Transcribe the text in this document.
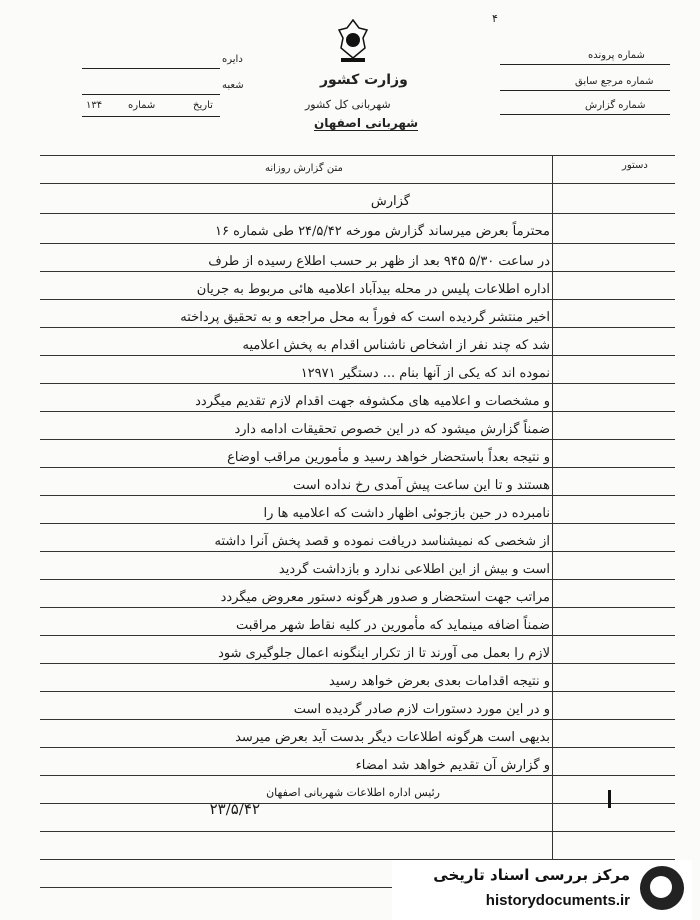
۴
وزارت کشور
شهربانی کل کشور
شهربانی اصفهان
دایره
شعبه
تاریخ
شماره
۱۳۴
شماره پرونده
شماره مرجع سابق
شماره گزارش
متن گزارش روزانه	دستور
گزارش
محترماً بعرض میرساند گزارش مورخه ۲۴/۵/۴۲ طی شماره ۱۶
در ساعت ۵/۳۰ ۹۴۵ بعد از ظهر بر حسب اطلاع رسیده از طرف
اداره اطلاعات پلیس در محله بیدآباد اعلامیه هائی مربوط به جریان
اخیر منتشر گردیده است که فوراً به محل مراجعه و به تحقیق پرداخته
شد که چند نفر از اشخاص ناشناس اقدام به پخش اعلامیه
نموده اند که یکی از آنها بنام ... دستگیر ۱۲۹۷۱
و مشخصات و اعلامیه های مکشوفه جهت اقدام لازم تقدیم میگردد
ضمناً گزارش میشود که در این خصوص تحقیقات ادامه دارد
و نتیجه بعداً باستحضار خواهد رسید و مأمورین مراقب اوضاع
هستند و تا این ساعت پیش آمدی رخ نداده است
نامبرده در حین بازجوئی اظهار داشت که اعلامیه ها را
از شخصی که نمیشناسد دریافت نموده و قصد پخش آنرا داشته
است و بیش از این اطلاعی ندارد و بازداشت گردید
مراتب جهت استحضار و صدور هرگونه دستور معروض میگردد
ضمناً اضافه مینماید که مأمورین در کلیه نقاط شهر مراقبت
لازم را بعمل می آورند تا از تکرار اینگونه اعمال جلوگیری شود
و نتیجه اقدامات بعدی بعرض خواهد رسید
و در این مورد دستورات لازم صادر گردیده است
بدیهی است هرگونه اطلاعات دیگر بدست آید بعرض میرسد
و گزارش آن تقدیم خواهد شد امضاء
رئیس اداره اطلاعات شهربانی اصفهان
۲۳/۵/۴۲
مرکز بررسی اسناد تاریخی
historydocuments.ir
